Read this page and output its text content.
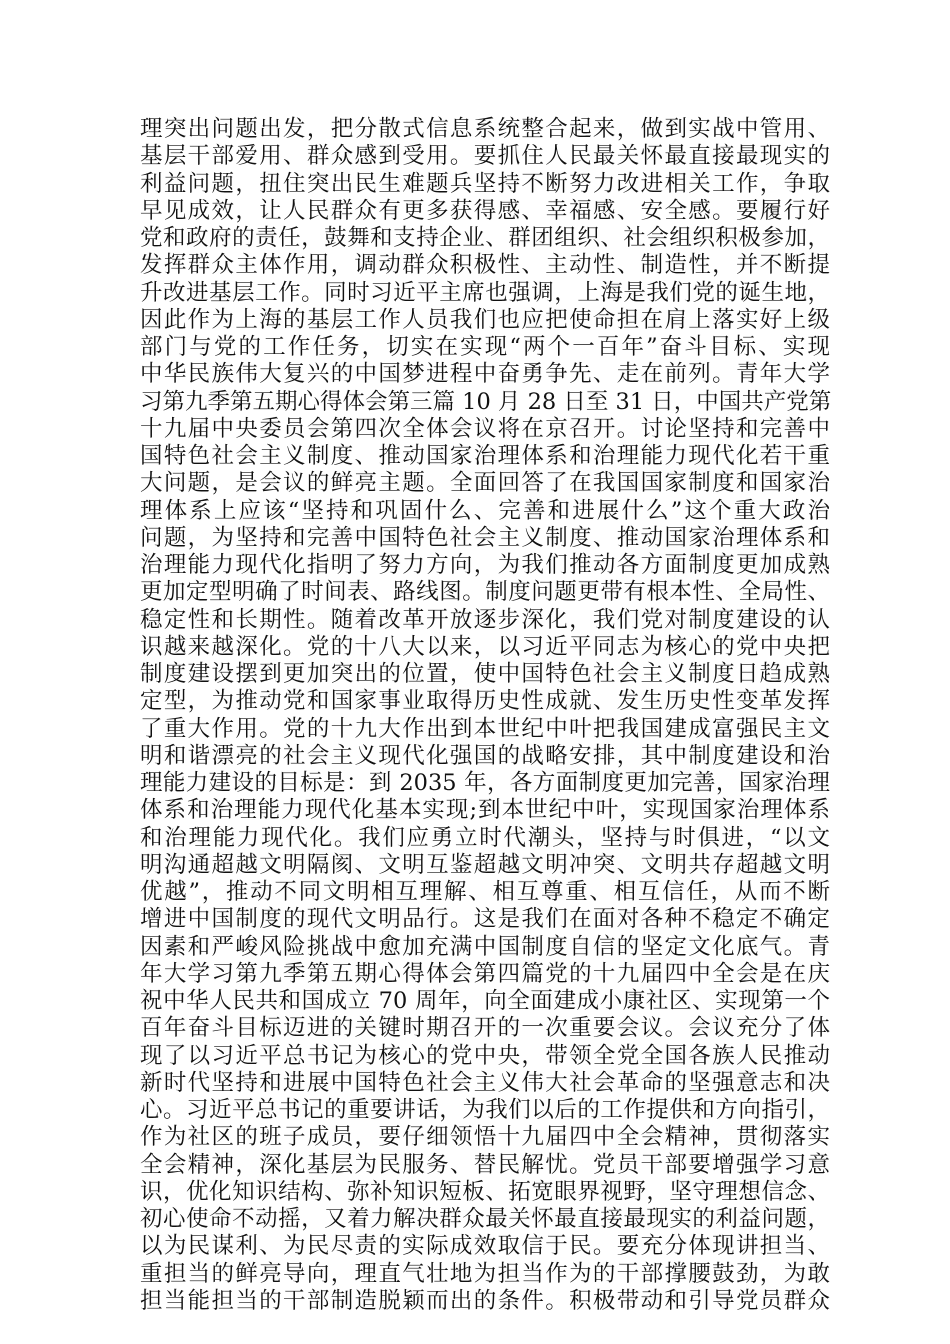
理突出问题出发，把分散式信息系统整合起来，做到实战中管用、
基层干部爱用、群众感到受用。要抓住人民最关怀最直接最现实的
利益问题，扭住突出民生难题兵坚持不断努力改进相关工作，争取
早见成效，让人民群众有更多获得感、幸福感、安全感。要履行好
党和政府的责任，鼓舞和支持企业、群团组织、社会组织积极参加，
发挥群众主体作用，调动群众积极性、主动性、制造性，并不断提
升改进基层工作。同时习近平主席也强调，上海是我们党的诞生地，
因此作为上海的基层工作人员我们也应把使命担在肩上落实好上级
部门与党的工作任务，切实在实现“两个一百年”奋斗目标、实现
中华民族伟大复兴的中国梦进程中奋勇争先、走在前列。青年大学
习第九季第五期心得体会第三篇 10 月 28 日至 31 日，中国共产党第
十九届中央委员会第四次全体会议将在京召开。讨论坚持和完善中
国特色社会主义制度、推动国家治理体系和治理能力现代化若干重
大问题，是会议的鲜亮主题。全面回答了在我国国家制度和国家治
理体系上应该“坚持和巩固什么、完善和进展什么”这个重大政治
问题，为坚持和完善中国特色社会主义制度、推动国家治理体系和
治理能力现代化指明了努力方向，为我们推动各方面制度更加成熟
更加定型明确了时间表、路线图。制度问题更带有根本性、全局性、
稳定性和长期性。随着改革开放逐步深化，我们党对制度建设的认
识越来越深化。党的十八大以来，以习近平同志为核心的党中央把
制度建设摆到更加突出的位置，使中国特色社会主义制度日趋成熟
定型，为推动党和国家事业取得历史性成就、发生历史性变革发挥
了重大作用。党的十九大作出到本世纪中叶把我国建成富强民主文
明和谐漂亮的社会主义现代化强国的战略安排，其中制度建设和治
理能力建设的目标是：到 2035 年，各方面制度更加完善，国家治理
体系和治理能力现代化基本实现;到本世纪中叶，实现国家治理体系
和治理能力现代化。我们应勇立时代潮头，坚持与时俱进，“以文
明沟通超越文明隔阂、文明互鉴超越文明冲突、文明共存超越文明
优越”，推动不同文明相互理解、相互尊重、相互信任，从而不断
增进中国制度的现代文明品行。这是我们在面对各种不稳定不确定
因素和严峻风险挑战中愈加充满中国制度自信的坚定文化底气。青
年大学习第九季第五期心得体会第四篇党的十九届四中全会是在庆
祝中华人民共和国成立 70 周年，向全面建成小康社区、实现第一个
百年奋斗目标迈进的关键时期召开的一次重要会议。会议充分了体
现了以习近平总书记为核心的党中央，带领全党全国各族人民推动
新时代坚持和进展中国特色社会主义伟大社会革命的坚强意志和决
心。习近平总书记的重要讲话，为我们以后的工作提供和方向指引，
作为社区的班子成员，要仔细领悟十九届四中全会精神，贯彻落实
全会精神，深化基层为民服务、替民解忧。党员干部要增强学习意
识，优化知识结构、弥补知识短板、拓宽眼界视野，坚守理想信念、
初心使命不动摇，又着力解决群众最关怀最直接最现实的利益问题，
以为民谋利、为民尽责的实际成效取信于民。要充分体现讲担当、
重担当的鲜亮导向，理直气壮地为担当作为的干部撑腰鼓劲，为敢
担当能担当的干部制造脱颖而出的条件。积极带动和引导党员群众
